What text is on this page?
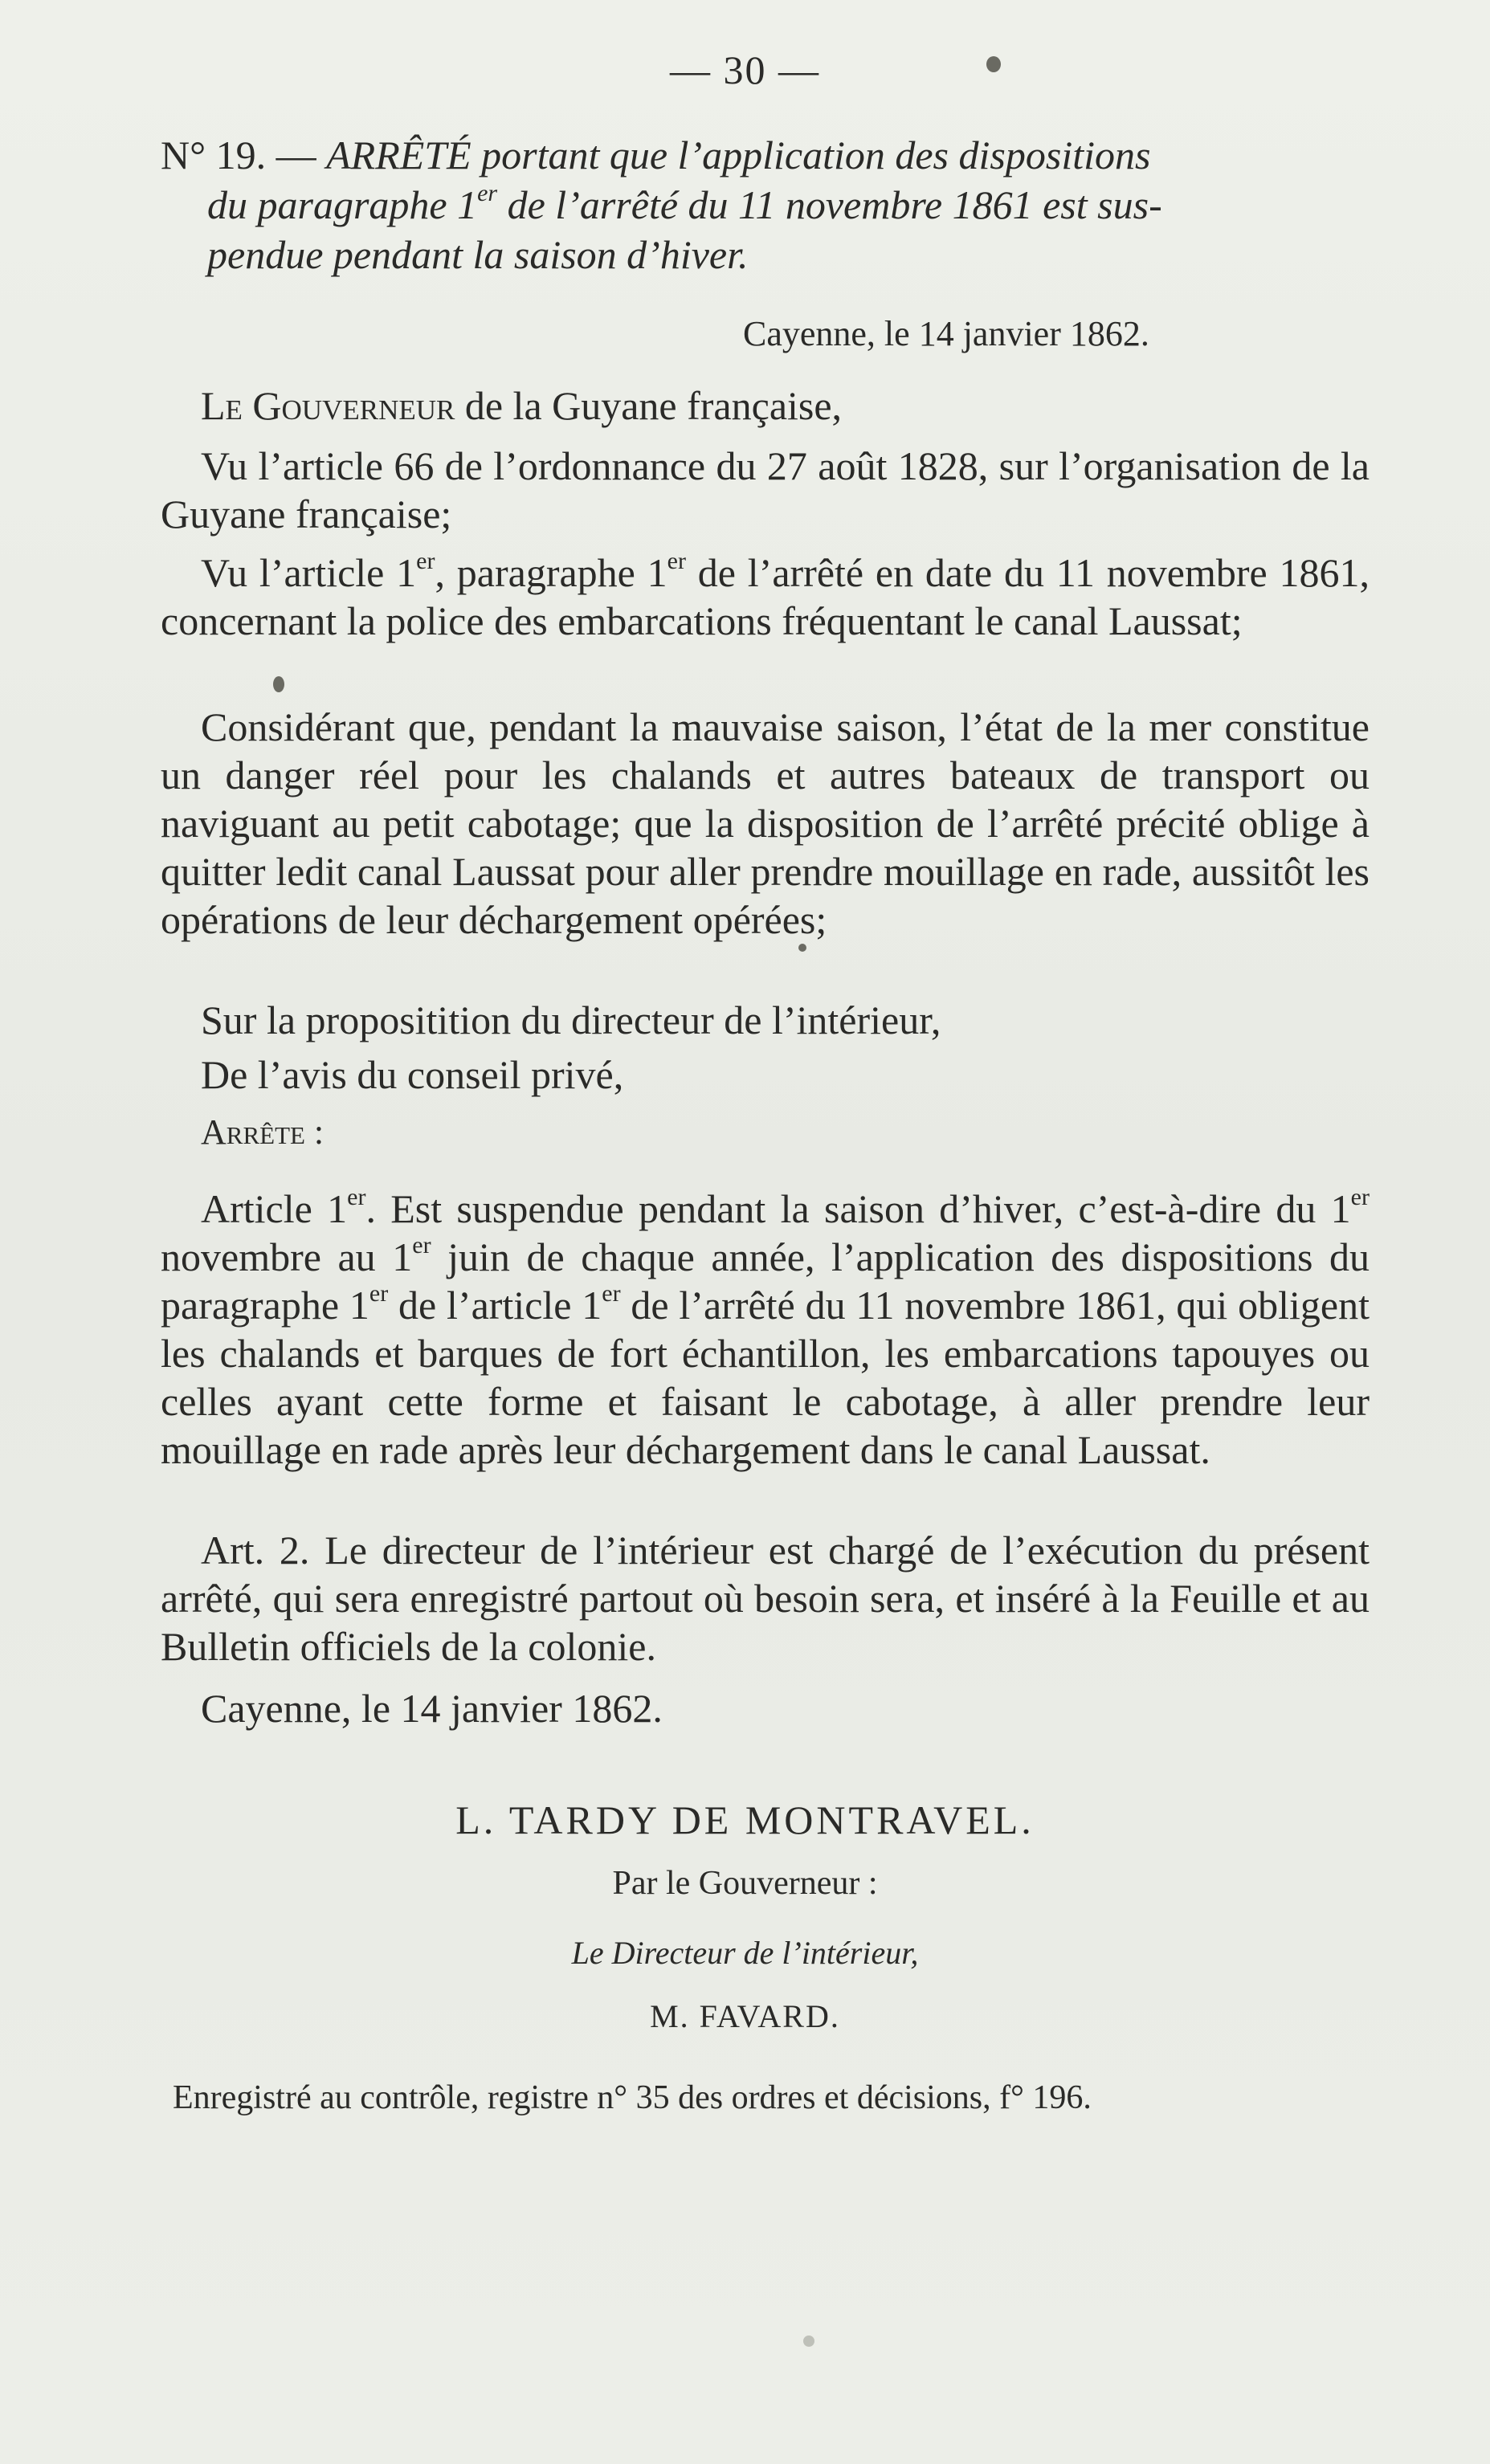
— 30 —
N° 19. — ARRÊTÉ portant que l’application des dispositions
du paragraphe 1er de l’arrêté du 11 novembre 1861 est sus-
pendue pendant la saison d’hiver.
Cayenne, le 14 janvier 1862.
Le Gouverneur de la Guyane française,
Vu l’article 66 de l’ordonnance du 27 août 1828, sur l’organisation de la Guyane française;
Vu l’article 1er, paragraphe 1er de l’arrêté en date du 11 novembre 1861, concernant la police des embarcations fréquentant le canal Laussat;
Considérant que, pendant la mauvaise saison, l’état de la mer constitue un danger réel pour les chalands et autres bateaux de transport ou naviguant au petit cabotage; que la disposition de l’arrêté précité oblige à quitter ledit canal Laussat pour aller prendre mouillage en rade, aussitôt les opérations de leur déchargement opérées;
Sur la propositition du directeur de l’intérieur,
De l’avis du conseil privé,
Arrête :
Article 1er. Est suspendue pendant la saison d’hiver, c’est-à-dire du 1er novembre au 1er juin de chaque année, l’application des dispositions du paragraphe 1er de l’article 1er de l’arrêté du 11 novembre 1861, qui obligent les chalands et barques de fort échantillon, les embarcations tapouyes ou celles ayant cette forme et faisant le cabotage, à aller prendre leur mouillage en rade après leur déchargement dans le canal Laussat.
Art. 2. Le directeur de l’intérieur est chargé de l’exécution du présent arrêté, qui sera enregistré partout où besoin sera, et inséré à la Feuille et au Bulletin officiels de la colonie.
Cayenne, le 14 janvier 1862.
L. TARDY DE MONTRAVEL.
Par le Gouverneur :
Le Directeur de l’intérieur,
M. FAVARD.
Enregistré au contrôle, registre n° 35 des ordres et décisions, f° 196.
